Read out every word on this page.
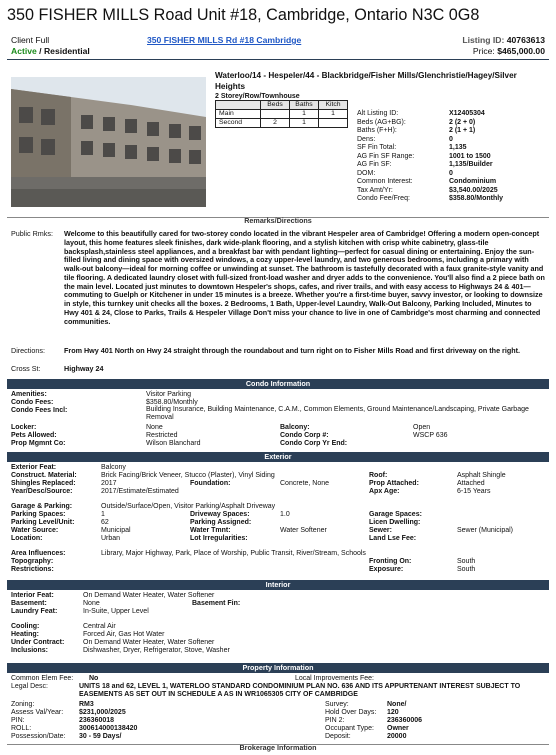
350 FISHER MILLS Road Unit #18, Cambridge, Ontario N3C 0G8
Client Full
Active / Residential
350 FISHER MILLS Rd #18 Cambridge	Listing ID: 40763613
Price: $465,000.00
Waterloo/14 - Hespeler/44 - Blackbridge/Fisher Mills/Glenchristie/Hagey/Silver Heights
2 Storey/Row/Townhouse
	Beds	Baths	Kitch
Main		1	1
Second	2	1	
Alt Listing ID:	X12405304
Beds (AG+BG):	2 (2 + 0)
Baths (F+H):	2 (1 + 1)
Dens:	0
SF Fin Total:	1,135
AG Fin SF Range:	1001 to 1500
AG Fin SF:	1,135/Builder
DOM:	0
Common Interest:	Condominium
Tax Amt/Yr:	$3,540.00/2025
Condo Fee/Freq:	$358.80/Monthly
Remarks/Directions
Public Rmks:	Welcome to this beautifully cared for two-storey condo located in the vibrant Hespeler area of Cambridge! Offering a modern open-concept layout, this home features sleek finishes, dark wide-plank flooring, and a stylish kitchen with crisp white cabinetry, glass-tile backsplash,stainless steel appliances, and a breakfast bar with pendant lighting—perfect for casual dining or entertaining. Enjoy the sun-filled living and dining space with oversized windows, a cozy upper-level laundry, and two generous bedrooms, including a primary with walk-out balcony—ideal for morning coffee or unwinding at sunset. The bathroom is tastefully decorated with a faux granite-style vanity and tile flooring. A dedicated laundry closet with full-sized front-load washer and dryer adds to the convenience. You'll also find a 2 piece bath on the main level. Located just minutes to downtown Hespeler's shops, cafes, and river trails, and with easy access to Highways 24 & 401—commuting to Guelph or Kitchener in under 15 minutes is a breeze. Whether you're a first-time buyer, savvy investor, or looking to downsize in style, this turnkey unit checks all the boxes. 2 Bedrooms, 1 Bath, Upper-level Laundry, Walk-Out Balcony, Parking Included, Minutes to Hwy 401 & 24, Close to Parks, Trails & Hespeler Village Don't miss your chance to live in one of Cambridge's most charming and connected communities.
Directions:	From Hwy 401 North on Hwy 24 straight through the roundabout and turn right on to Fisher Mills Road and first driveway on the right.
Cross St:	Highway 24
Condo Information
Amenities:	Visitor Parking
Condo Fees:	$358.80/Monthly
Condo Fees Incl:	Building Insurance, Building Maintenance, C.A.M., Common Elements, Ground Maintenance/Landscaping, Private Garbage Removal
Locker:	None	Balcony:	Open
Pets Allowed:	Restricted	Condo Corp #:	WSCP 636
Prop Mgmnt Co:	Wilson Blanchard	Condo Corp Yr End:
Exterior
Exterior Feat:	Balcony
Construct. Material:	Brick Facing/Brick Veneer, Stucco (Plaster), Vinyl Siding	Roof:	Asphalt Shingle
Shingles Replaced:	2017	Foundation:	Concrete, None	Prop Attached:	Attached
Year/Desc/Source:	2017/Estimate/Estimated	Apx Age:	6-15 Years
Garage & Parking:	Outside/Surface/Open, Visitor Parking/Asphalt Driveway
Parking Spaces:	1	Driveway Spaces:	1.0	Garage Spaces:
Parking Level/Unit:	62	Parking Assigned:	Licen Dwelling:
Water Source:	Municipal	Water Tmnt:	Water Softener	Sewer:	Sewer (Municipal)
Location:	Urban	Lot Irregularities:	Land Lse Fee:
Area Influences:	Library, Major Highway, Park, Place of Worship, Public Transit, River/Stream, Schools
Topography:	Fronting On:	South
Restrictions:	Exposure:	South
Interior
Interior Feat:	On Demand Water Heater, Water Softener
Basement:	None	Basement Fin:
Laundry Feat:	In-Suite, Upper Level
Cooling:	Central Air
Heating:	Forced Air, Gas Hot Water
Under Contract:	On Demand Water Heater, Water Softener
Inclusions:	Dishwasher, Dryer, Refrigerator, Stove, Washer
Property Information
Common Elem Fee: No	Local Improvements Fee:
Legal Desc:	UNITS 18 and 62, LEVEL 1, WATERLOO STANDARD CONDOMINIUM PLAN NO. 636 AND ITS APPURTENANT INTEREST SUBJECT TO EASEMENTS AS SET OUT IN SCHEDULE A AS IN WR1065305 CITY OF CAMBRIDGE
Zoning:	RM3	Survey:	None/
Assess Val/Year: $231,000/2025	Hold Over Days: 120
PIN:	236360018	PIN 2:	236360006
ROLL:	300614000138420	Occupant Type: Owner
Possession/Date: 30 - 59 Days/	Deposit:	20000
Brokerage Information
